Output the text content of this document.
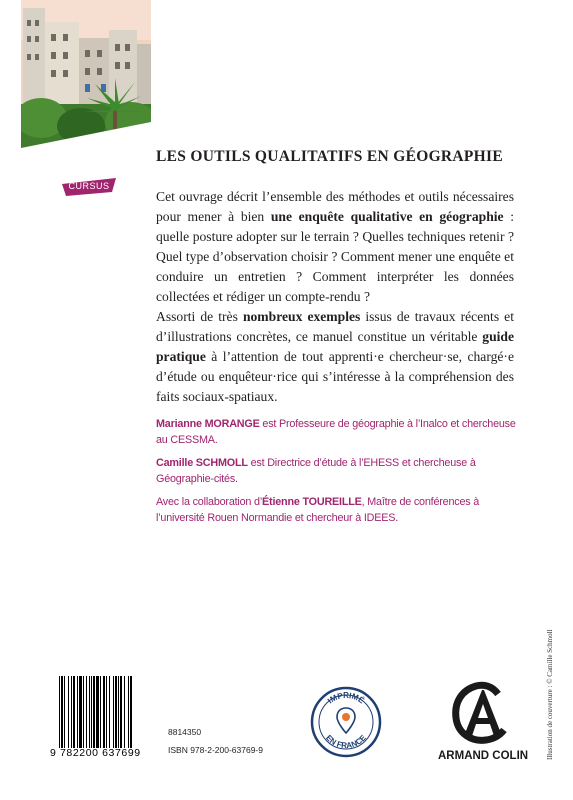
CURSUS
LES OUTILS QUALITATIFS EN GÉOGRAPHIE

Cet ouvrage décrit l’ensemble des méthodes et outils nécessaires pour mener à bien une enquête qualitative en géographie : quelle posture adopter sur le terrain ? Quelles techniques retenir ? Quel type d’observation choisir ? Comment mener une enquête et conduire un entretien ? Comment interpréter les données collectées et rédiger un compte-rendu ?

Assorti de très nombreux exemples issus de travaux récents et d’illustrations concrètes, ce manuel constitue un véritable guide pratique à l’attention de tout apprenti·e chercheur·se, chargé·e d’étude ou enquêteur·rice qui s’intéresse à la compréhension des faits sociaux-spatiaux.

Marianne MORANGE est Professeure de géographie à l’Inalco et chercheuse au CESSMA.

Camille SCHMOLL est Directrice d’étude à l’EHESS et chercheuse à Géographie-cités.

Avec la collaboration d’Étienne TOUREILLE, Maître de conférences à l’université Rouen Normandie et chercheur à IDEES.

Illustration de couverture : © Camille Schmoll
9 782200 637699
8814350
ISBN 978-2-200-63769-9
IMPRIMÉ
EN FRANCE
ARMAND COLIN
